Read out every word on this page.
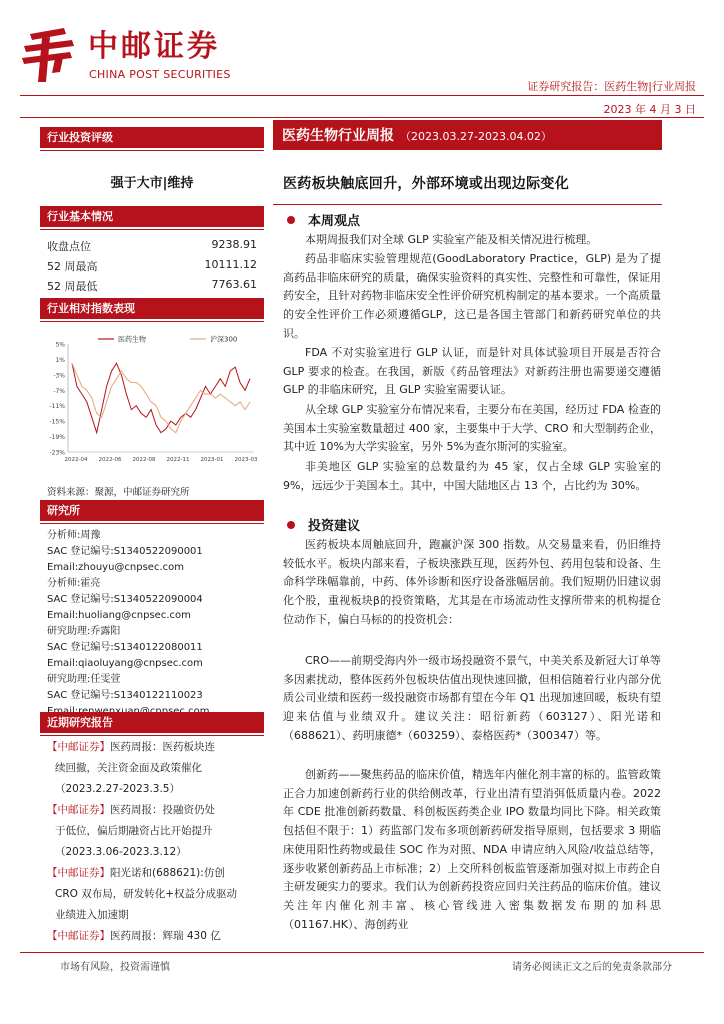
中邮证券
CHINA POST SECURITIES
证券研究报告：医药生物|行业周报
2023 年 4 月 3 日
行业投资评级
强于大市|维持
行业基本情况
收盘点位	9238.91
52 周最高	10111.12
52 周最低	7763.61
行业相对指数表现
5%
1%
-3%
-7%
-11%
-15%
-19%
-23%
2022-04 2022-06 2022-08 2022-11 2023-01 2023-03
医药生物	沪深300
资料来源：聚源，中邮证券研究所
研究所
分析师:周豫
SAC 登记编号:S1340522090001
Email:zhouyu@cnpsec.com
分析师:霍亮
SAC 登记编号:S1340522090004
Email:huoliang@cnpsec.com
研究助理:乔露阳
SAC 登记编号:S1340122080011
Email:qiaoluyang@cnpsec.com
研究助理:任雯萱
SAC 登记编号:S1340122110023
近期研究报告
【中邮证券】医药周报：医药板块连
续回撤，关注资金面及政策催化
（2023.2.27-2023.3.5）
【中邮证券】医药周报：投融资仍处
于低位，偏后期融资占比开始提升
（2023.3.06-2023.3.12）
【中邮证券】阳光诺和(688621):仿创
CRO 双布局，研发转化+权益分成驱动
业绩进入加速期
【中邮证券】医药周报：辉瑞 430 亿
医药生物行业周报 （2023.03.27-2023.04.02）
医药板块触底回升，外部环境或出现边际变化
本周观点
本期周报我们对全球 GLP 实验室产能及相关情况进行梳理。
药品非临床实验管理规范(GoodLaboratory Practice，GLP) 是为了提高药品非临床研究的质量，确保实验资料的真实性、完整性和可靠性，保证用药安全，且针对药物非临床安全性评价研究机构制定的基本要求。一个高质量的安全性评价工作必须遵循GLP，这已是各国主管部门和新药研究单位的共识。
FDA 不对实验室进行 GLP 认证，而是针对具体试验项目开展是否符合 GLP 要求的检查。在我国，新版《药品管理法》对新药注册也需要递交遵循 GLP 的非临床研究，且 GLP 实验室需要认证。
从全球 GLP 实验室分布情况来看，主要分布在美国，经历过 FDA 检查的美国本土实验室数量超过 400 家，主要集中于大学、CRO 和大型制药企业，其中近 10%为大学实验室，另外 5%为查尔斯河的实验室。
非美地区 GLP 实验室的总数量约为 45 家，仅占全球 GLP 实验室的 9%，远远少于美国本土。其中，中国大陆地区占 13 个，占比约为 30%。
投资建议
医药板块本周触底回升，跑赢沪深 300 指数。从交易量来看，仍旧维持较低水平。板块内部来看，子板块涨跌互现，医药外包、药用包装和设备、生命科学珠幅靠前，中药、体外诊断和医疗设备涨幅居前。我们短期仍旧建议弱化个股，重视板块β的投资策略，尤其是在市场流动性支撑所带来的机构提仓位动作下，偏白马标的的投资机会：
CRO——前期受海内外一级市场投融资不景气，中美关系及新冠大订单等多因素扰动，整体医药外包板块估值出现快速回撤，但相信随着行业内部分优质公司业绩和医药一级投融资市场都有望在今年 Q1 出现加速回暖，板块有望迎来估值与业绩双升。建议关注：昭衍新药（603127）、阳光诺和（688621）、药明康德*（603259）、泰格医药*（300347）等。
创新药——聚焦药品的临床价值，精选年内催化剂丰富的标的。监管政策正合力加速创新药行业的供给侧改革，行业出清有望消弭低质量内卷。2022 年 CDE 批准创新药数量、科创板医药类企业 IPO 数量均同比下降。相关政策包括但不限于：1）药监部门发布多项创新药研发指导原则，包括要求 3 期临床使用阳性药物或最佳 SOC 作为对照、NDA 申请应纳入风险/收益总结等，逐步收紧创新药品上市标准；2）上交所科创板监管逐渐加强对拟上市药企自主研发硬实力的要求。我们认为创新药投资应回归关注药品的临床价值。建议关注年内催化剂丰富、核心管线进入密集数据发布期的加科思（01167.HK）、海创药业
市场有风险，投资需谨慎	请务必阅读正文之后的免责条款部分
